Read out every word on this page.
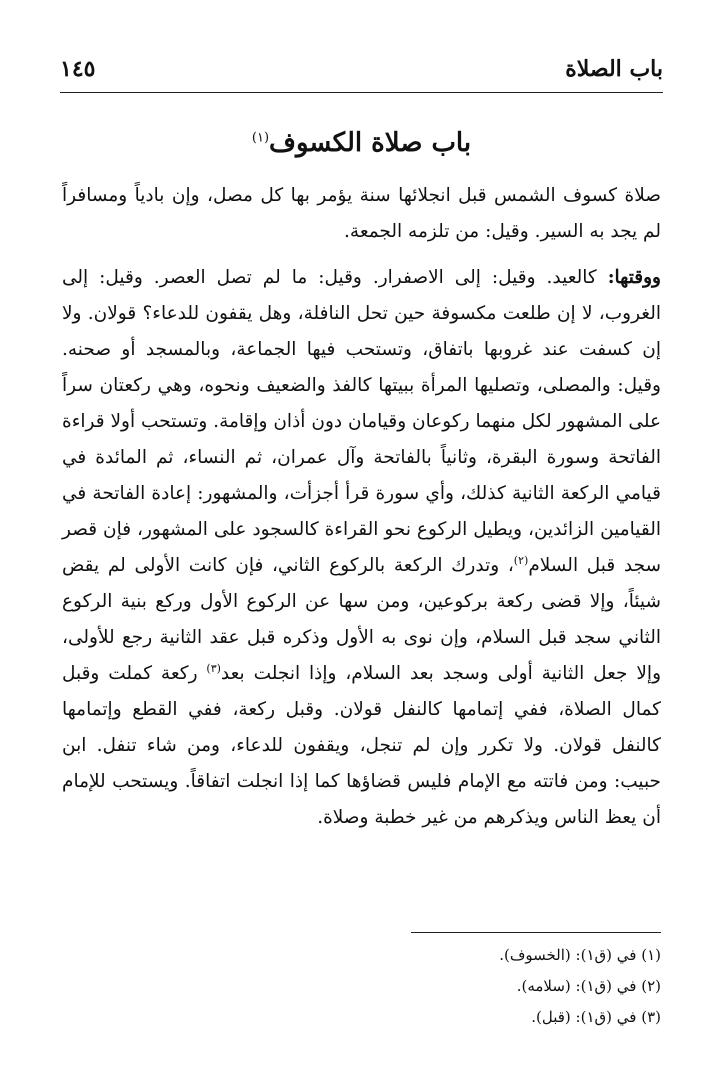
باب الصلاة
١٤٥
باب صلاة الكسوف$^{(١)}$

صلاة كسوف الشمس قبل انجلائها سنة يؤمر بها كل مصل، وإن بادياً ومسافراً لم يجد به السير. وقيل: من تلزمه الجمعة.

ووقتها: كالعيد. وقيل: إلى الاصفرار. وقيل: ما لم تصل العصر. وقيل: إلى الغروب، لا إن طلعت مكسوفة حين تحل النافلة، وهل يقفون للدعاء؟ قولان. ولا إن كسفت عند غروبها باتفاق، وتستحب فيها الجماعة، وبالمسجد أو صحنه. وقيل: والمصلى، وتصليها المرأة ببيتها كالفذ والضعيف ونحوه، وهي ركعتان سراً على المشهور لكل منهما ركوعان وقيامان دون أذان وإقامة. وتستحب أولا قراءة الفاتحة وسورة البقرة، وثانياً بالفاتحة وآل عمران، ثم النساء، ثم المائدة في قيامي الركعة الثانية كذلك، وأي سورة قرأ أجزأت، والمشهور: إعادة الفاتحة في القيامين الزائدين، ويطيل الركوع نحو القراءة كالسجود على المشهور، فإن قصر سجد قبل السلام$^{(٢)}$، وتدرك الركعة بالركوع الثاني، فإن كانت الأولى لم يقض شيئاً، وإلا قضى ركعة بركوعين، ومن سها عن الركوع الأول وركع بنية الركوع الثاني سجد قبل السلام، وإن نوى به الأول وذكره قبل عقد الثانية رجع للأولى، وإلا جعل الثانية أولى وسجد بعد السلام، وإذا انجلت بعد$^{(٣)}$ ركعة كملت وقبل كمال الصلاة، ففي إتمامها كالنفل قولان. وقبل ركعة، ففي القطع وإتمامها كالنفل قولان. ولا تكرر وإن لم تنجل، ويقفون للدعاء، ومن شاء تنفل. ابن حبيب: ومن فاتته مع الإمام فليس قضاؤها كما إذا انجلت اتفاقاً. ويستحب للإمام أن يعظ الناس ويذكرهم من غير خطبة وصلاة.

(١) في (ق١): (الخسوف).
(٢) في (ق١): (سلامه).
(٣) في (ق١): (قبل).
